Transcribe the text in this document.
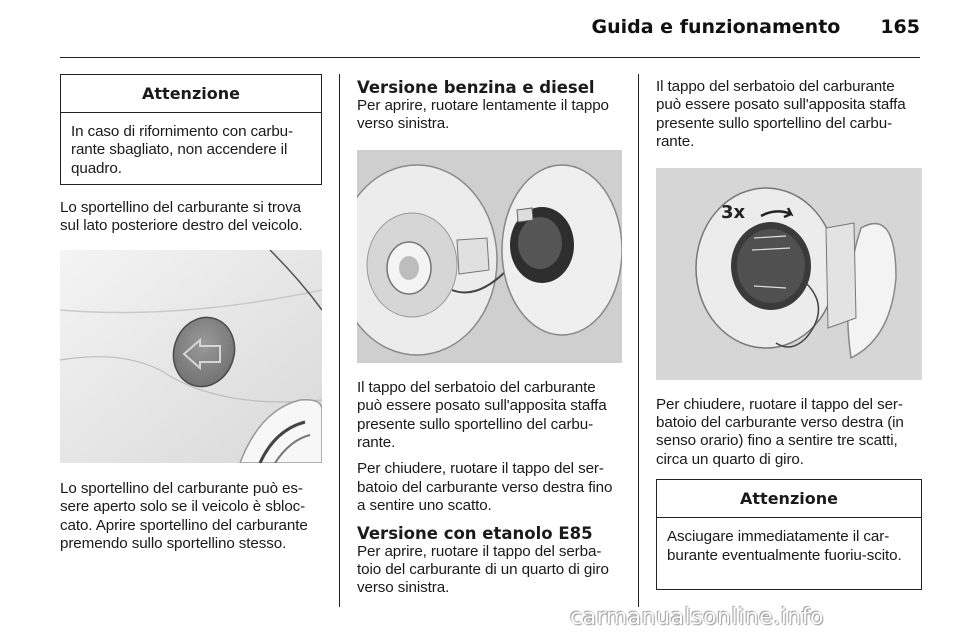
Guida e funzionamento 165
Attenzione
In caso di rifornimento con carbu-rante sbagliato, non accendere il quadro.
Lo sportellino del carburante si trova sul lato posteriore destro del veicolo.
Lo sportellino del carburante può es-sere aperto solo se il veicolo è sbloc-cato. Aprire sportellino del carburante premendo sullo sportellino stesso.
Versione benzina e diesel
Per aprire, ruotare lentamente il tappo verso sinistra.
Il tappo del serbatoio del carburante può essere posato sull'apposita staffa presente sullo sportellino del carbu-rante.
Per chiudere, ruotare il tappo del ser-batoio del carburante verso destra fino a sentire uno scatto.
Versione con etanolo E85
Per aprire, ruotare il tappo del serba-toio del carburante di un quarto di giro verso sinistra.
Il tappo del serbatoio del carburante può essere posato sull'apposita staffa presente sullo sportellino del carbu-rante.
3x
Per chiudere, ruotare il tappo del ser-batoio del carburante verso destra (in senso orario) fino a sentire tre scatti, circa un quarto di giro.
Attenzione
Asciugare immediatamente il car-burante eventualmente fuoriu-scito.
carmanualsonline.info
